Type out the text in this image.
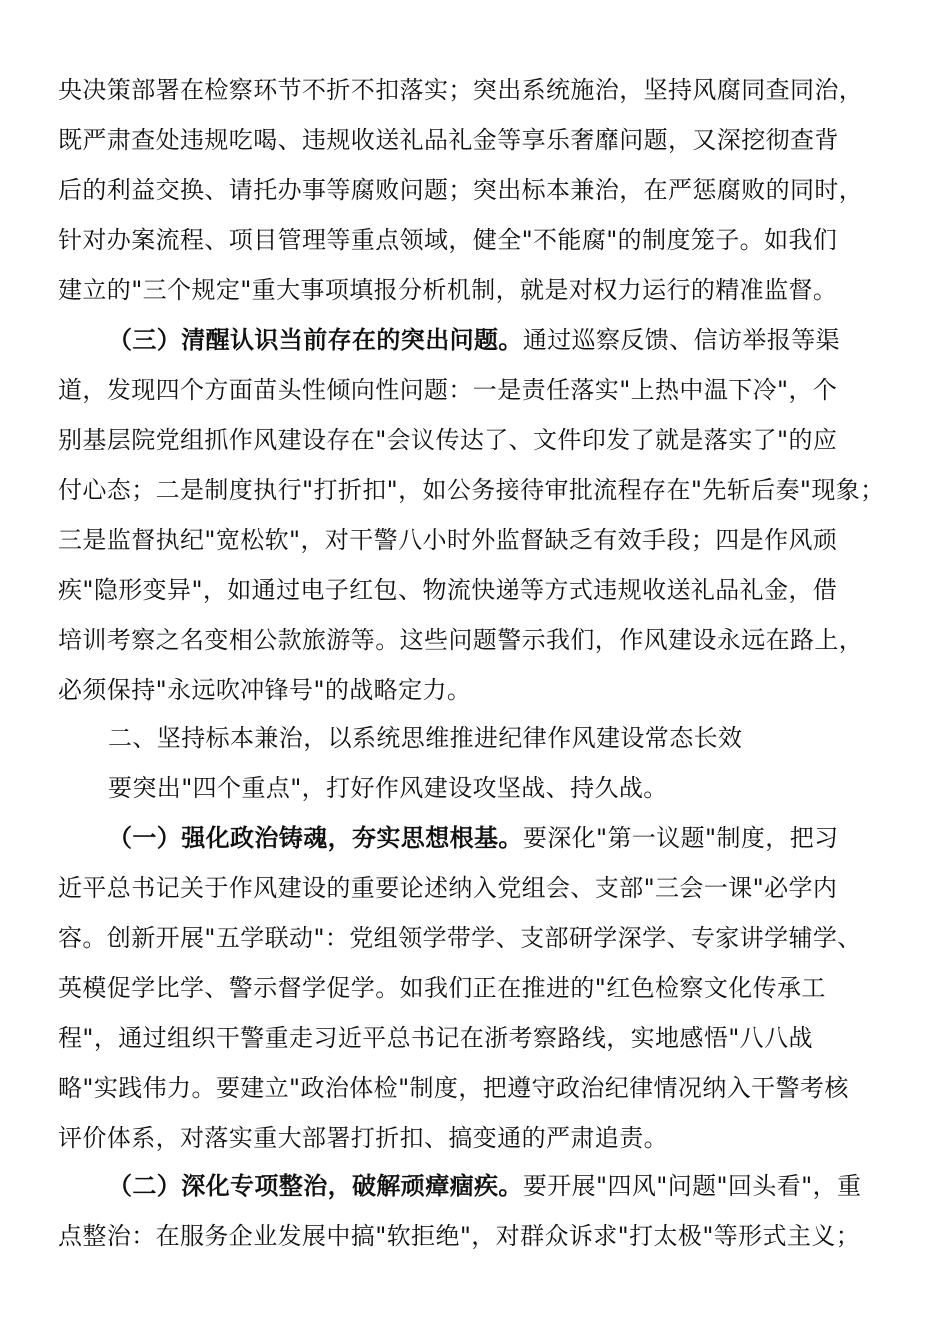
央决策部署在检察环节不折不扣落实；突出系统施治，坚持风腐同查同治，
既严肃查处违规吃喝、违规收送礼品礼金等享乐奢靡问题，又深挖彻查背
后的利益交换、请托办事等腐败问题；突出标本兼治，在严惩腐败的同时，
针对办案流程、项目管理等重点领域，健全"不能腐"的制度笼子。如我们
建立的"三个规定"重大事项填报分析机制，就是对权力运行的精准监督。
（三）清醒认识当前存在的突出问题。通过巡察反馈、信访举报等渠
道，发现四个方面苗头性倾向性问题：一是责任落实"上热中温下冷"，个
别基层院党组抓作风建设存在"会议传达了、文件印发了就是落实了"的应
付心态；二是制度执行"打折扣"，如公务接待审批流程存在"先斩后奏"现象；
三是监督执纪"宽松软"，对干警八小时外监督缺乏有效手段；四是作风顽
疾"隐形变异"，如通过电子红包、物流快递等方式违规收送礼品礼金，借
培训考察之名变相公款旅游等。这些问题警示我们，作风建设永远在路上，
必须保持"永远吹冲锋号"的战略定力。
二、坚持标本兼治，以系统思维推进纪律作风建设常态长效
要突出"四个重点"，打好作风建设攻坚战、持久战。
（一）强化政治铸魂，夯实思想根基。要深化"第一议题"制度，把习
近平总书记关于作风建设的重要论述纳入党组会、支部"三会一课"必学内
容。创新开展"五学联动"：党组领学带学、支部研学深学、专家讲学辅学、
英模促学比学、警示督学促学。如我们正在推进的"红色检察文化传承工
程"，通过组织干警重走习近平总书记在浙考察路线，实地感悟"八八战
略"实践伟力。要建立"政治体检"制度，把遵守政治纪律情况纳入干警考核
评价体系，对落实重大部署打折扣、搞变通的严肃追责。
（二）深化专项整治，破解顽瘴痼疾。要开展"四风"问题"回头看"，重
点整治：在服务企业发展中搞"软拒绝"，对群众诉求"打太极"等形式主义；
